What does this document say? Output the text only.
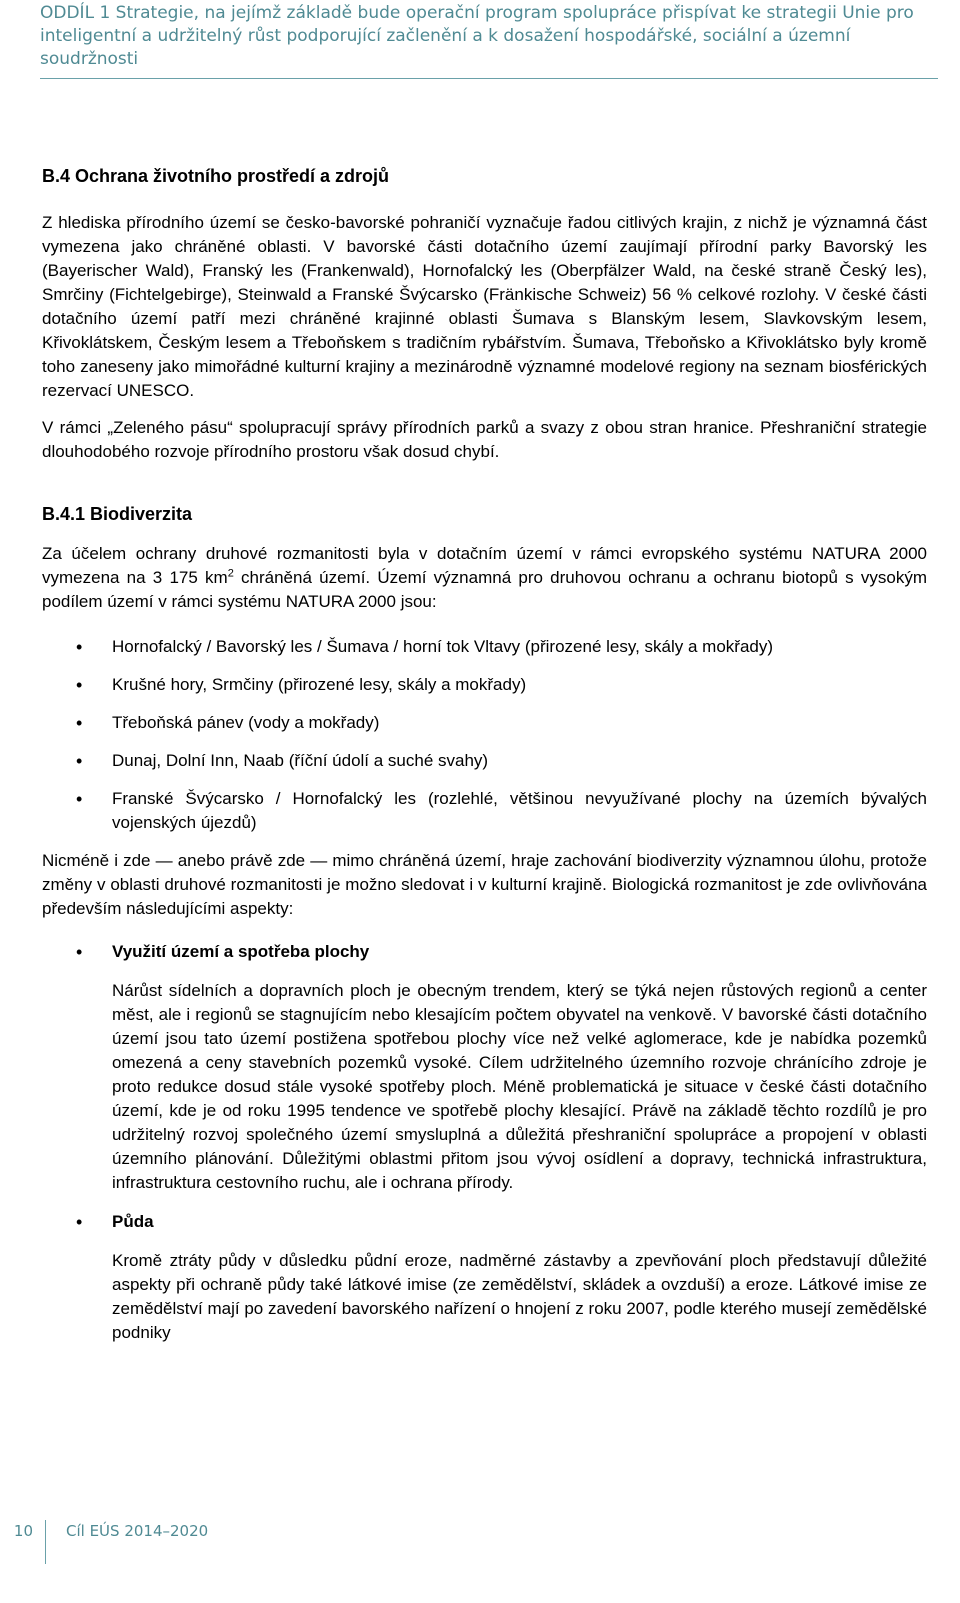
ODDÍL 1 Strategie, na jejímž základě bude operační program spolupráce přispívat ke strategii Unie pro inteligentní a udržitelný růst podporující začlenění a k dosažení hospodářské, sociální a územní soudržnosti
B.4 Ochrana životního prostředí a zdrojů

Z hlediska přírodního území se česko-bavorské pohraničí vyznačuje řadou citlivých krajin, z nichž je významná část vymezena jako chráněné oblasti. V bavorské části dotačního území zaujímají přírodní parky Bavorský les (Bayerischer Wald), Franský les (Frankenwald), Hornofalcký les (Oberpfälzer Wald, na české straně Český les), Smrčiny (Fichtelgebirge), Steinwald a Franské Švýcarsko (Fränkische Schweiz) 56 % celkové rozlohy. V české části dotačního území patří mezi chráněné krajinné oblasti Šumava s Blanským lesem, Slavkovským lesem, Křivoklátskem, Českým lesem a Třeboňskem s tradičním rybářstvím. Šumava, Třeboňsko a Křivoklátsko byly kromě toho zaneseny jako mimořádné kulturní krajiny a mezinárodně významné modelové regiony na seznam biosférických rezervací UNESCO.

V rámci „Zeleného pásu“ spolupracují správy přírodních parků a svazy z obou stran hranice. Přeshraniční strategie dlouhodobého rozvoje přírodního prostoru však dosud chybí.

B.4.1 Biodiverzita

Za účelem ochrany druhové rozmanitosti byla v dotačním území v rámci evropského systému NATURA 2000 vymezena na 3 175 $km^2$ chráněná území. Území významná pro druhovou ochranu a ochranu biotopů s vysokým podílem území v rámci systému NATURA 2000 jsou:

• Hornofalcký / Bavorský les / Šumava / horní tok Vltavy (přirozené lesy, skály a mokřady)
• Krušné hory, Srmčiny (přirozené lesy, skály a mokřady)
• Třeboňská pánev (vody a mokřady)
• Dunaj, Dolní Inn, Naab (říční údolí a suché svahy)
• Franské Švýcarsko / Hornofalcký les (rozlehlé, většinou nevyužívané plochy na územích bývalých vojenských újezdů)

Nicméně i zde — anebo právě zde — mimo chráněná území, hraje zachování biodiverzity významnou úlohu, protože změny v oblasti druhové rozmanitosti je možno sledovat i v kulturní krajině. Biologická rozmanitost je zde ovlivňována především následujícími aspekty:

• Využití území a spotřeba plochy
Nárůst sídelních a dopravních ploch je obecným trendem, který se týká nejen růstových regionů a center měst, ale i regionů se stagnujícím nebo klesajícím počtem obyvatel na venkově. V bavorské části dotačního území jsou tato území postižena spotřebou plochy více než velké aglomerace, kde je nabídka pozemků omezená a ceny stavebních pozemků vysoké. Cílem udržitelného územního rozvoje chránícího zdroje je proto redukce dosud stále vysoké spotřeby ploch. Méně problematická je situace v české části dotačního území, kde je od roku 1995 tendence ve spotřebě plochy klesající. Právě na základě těchto rozdílů je pro udržitelný rozvoj společného území smysluplná a důležitá přeshraniční spolupráce a propojení v oblasti územního plánování. Důležitými oblastmi přitom jsou vývoj osídlení a dopravy, technická infrastruktura, infrastruktura cestovního ruchu, ale i ochrana přírody.
• Půda
Kromě ztráty půdy v důsledku půdní eroze, nadměrné zástavby a zpevňování ploch představují důležité aspekty při ochraně půdy také látkové imise (ze zemědělství, skládek a ovzduší) a eroze. Látkové imise ze zemědělství mají po zavedení bavorského nařízení o hnojení z roku 2007, podle kterého musejí zemědělské podniky
10 Cíl EÚS 2014–2020
